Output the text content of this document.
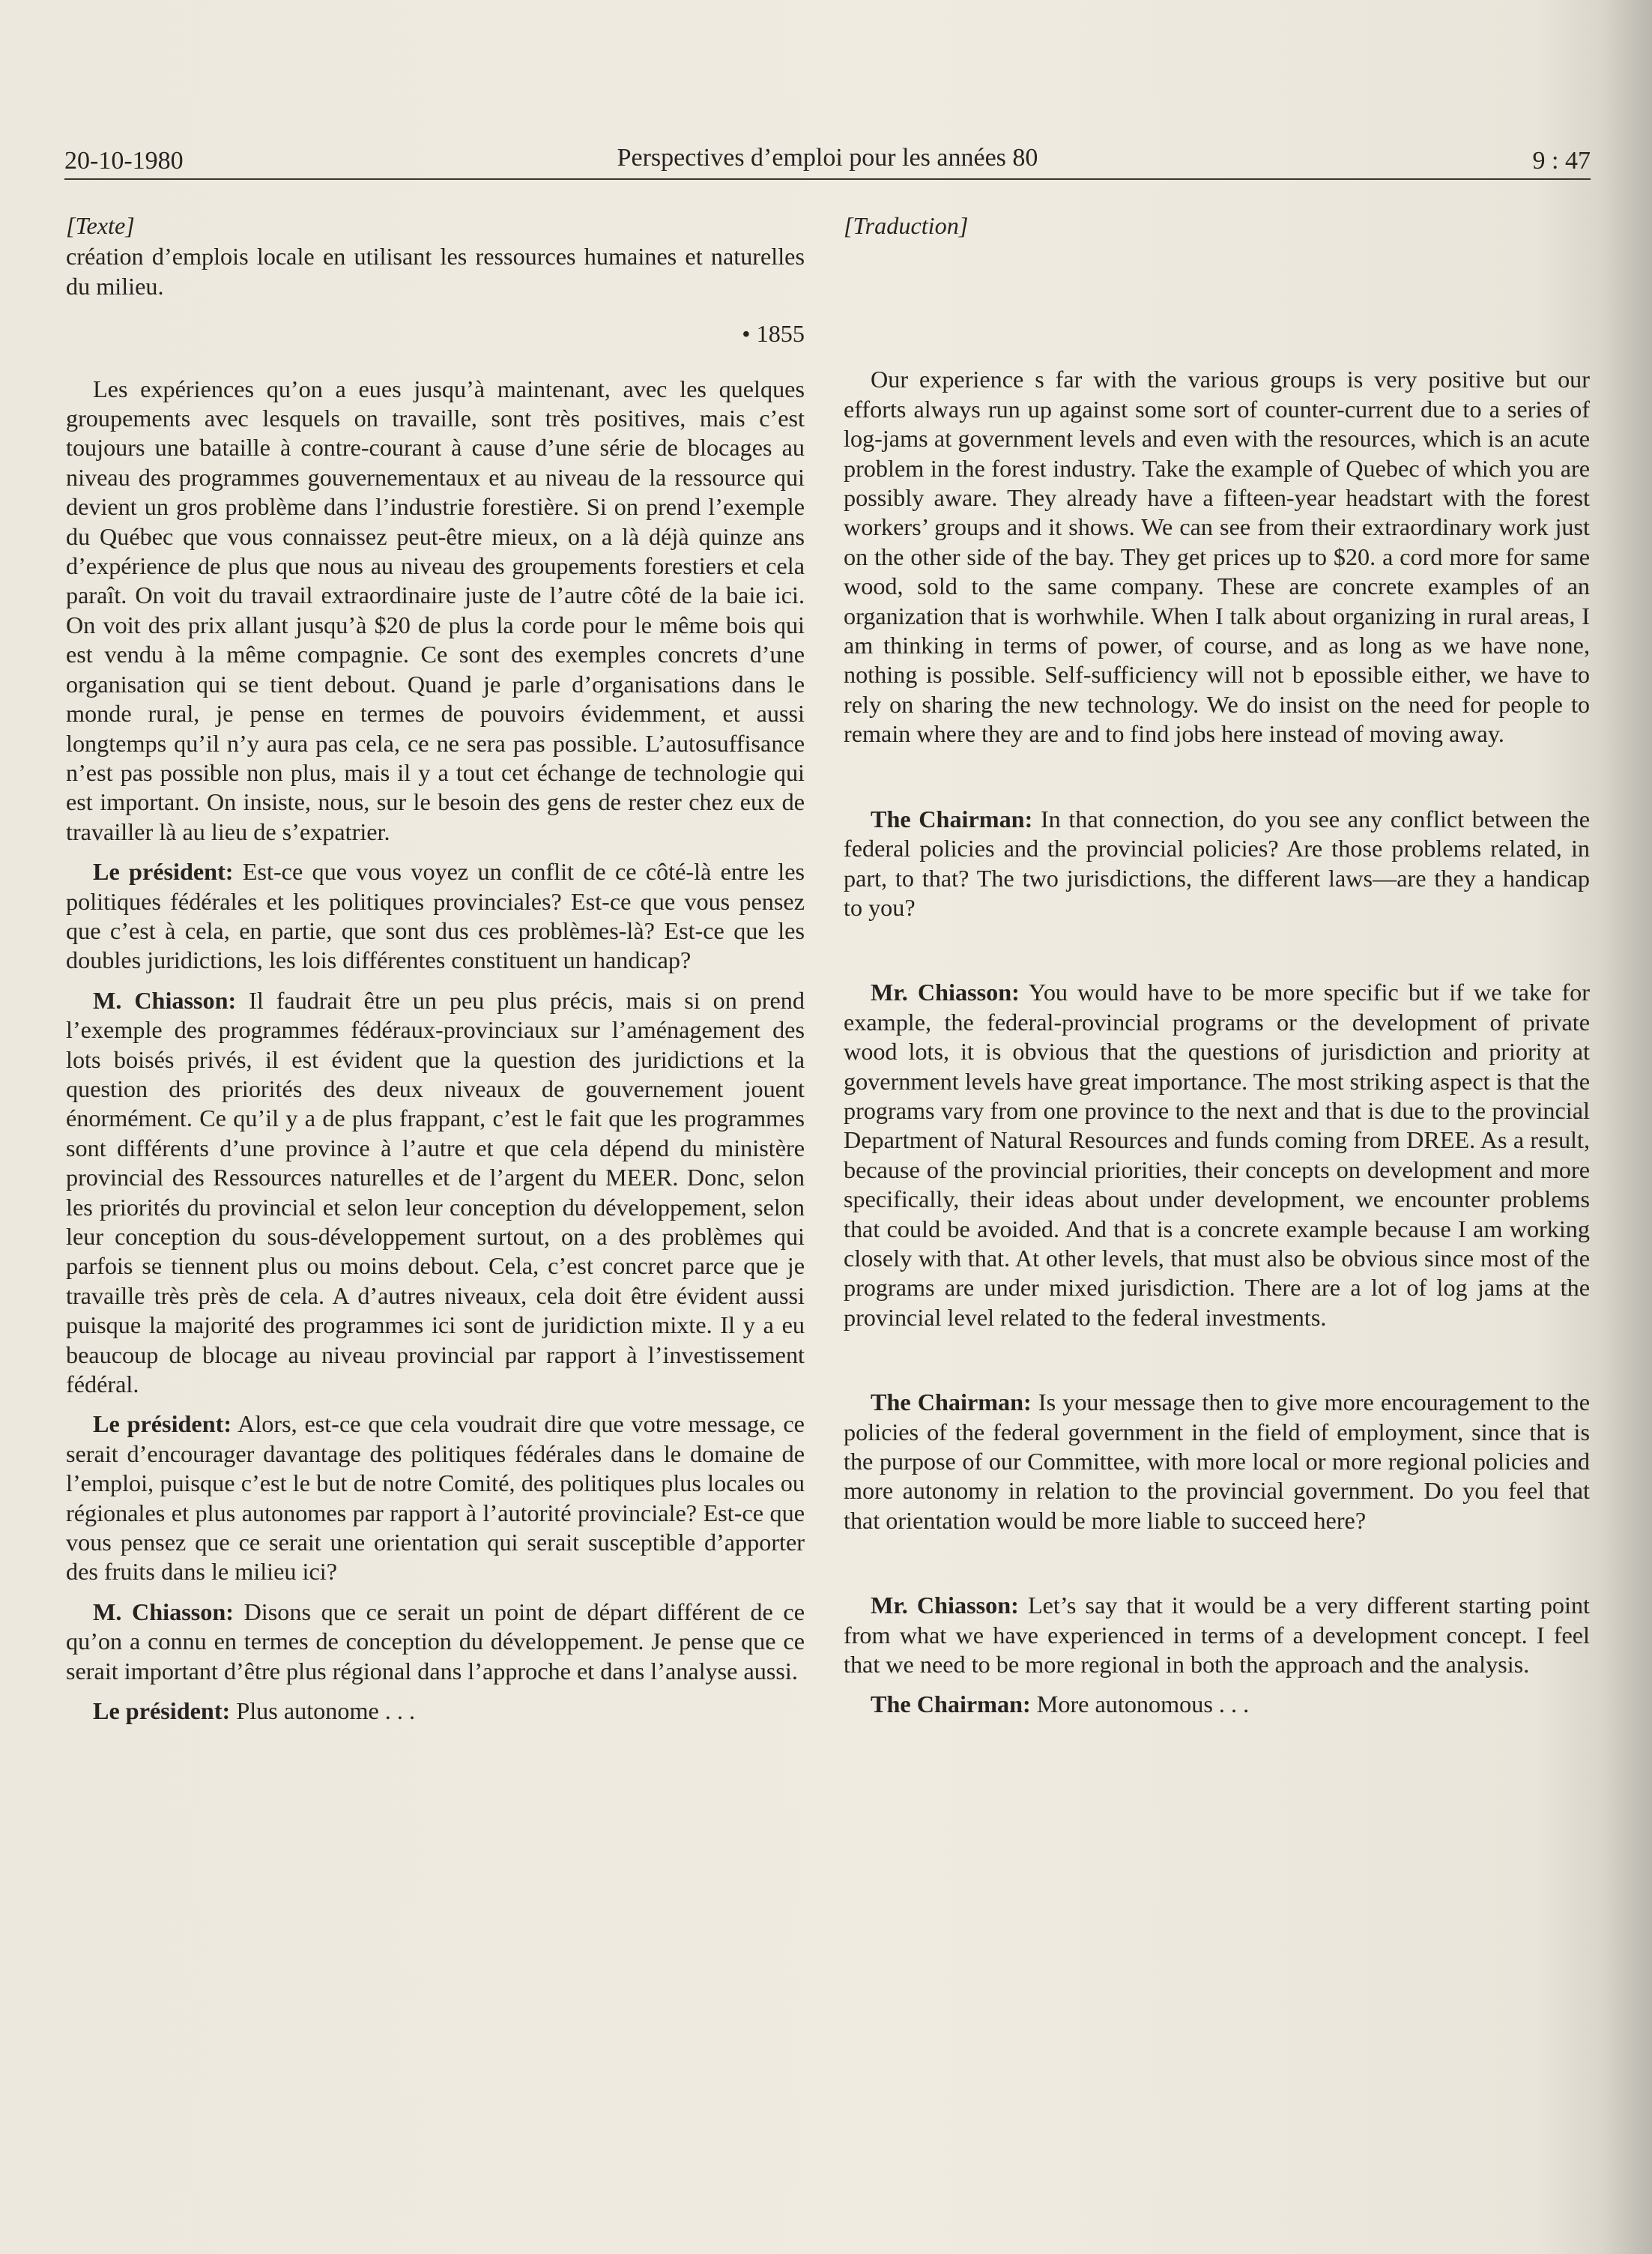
20-10-1980	Perspectives d’emploi pour les années 80	9 : 47
[Texte]

création d’emplois locale en utilisant les ressources humaines et naturelles du milieu.

• 1855

Les expériences qu’on a eues jusqu’à maintenant, avec les quelques groupements avec lesquels on travaille, sont très positives, mais c’est toujours une bataille à contre-courant à cause d’une série de blocages au niveau des programmes gouvernementaux et au niveau de la ressource qui devient un gros problème dans l’industrie forestière. Si on prend l’exemple du Québec que vous connaissez peut-être mieux, on a là déjà quinze ans d’expérience de plus que nous au niveau des groupements forestiers et cela paraît. On voit du travail extraordinaire juste de l’autre côté de la baie ici. On voit des prix allant jusqu’à $20 de plus la corde pour le même bois qui est vendu à la même compagnie. Ce sont des exemples concrets d’une organisation qui se tient debout. Quand je parle d’organisations dans le monde rural, je pense en termes de pouvoirs évidemment, et aussi longtemps qu’il n’y aura pas cela, ce ne sera pas possible. L’autosuffisance n’est pas possible non plus, mais il y a tout cet échange de technologie qui est important. On insiste, nous, sur le besoin des gens de rester chez eux de travailler là au lieu de s’expatrier.

Le président: Est-ce que vous voyez un conflit de ce côté-là entre les politiques fédérales et les politiques provinciales? Est-ce que vous pensez que c’est à cela, en partie, que sont dus ces problèmes-là? Est-ce que les doubles juridictions, les lois différentes constituent un handicap?

M. Chiasson: Il faudrait être un peu plus précis, mais si on prend l’exemple des programmes fédéraux-provinciaux sur l’aménagement des lots boisés privés, il est évident que la question des juridictions et la question des priorités des deux niveaux de gouvernement jouent énormément. Ce qu’il y a de plus frappant, c’est le fait que les programmes sont différents d’une province à l’autre et que cela dépend du ministère provincial des Ressources naturelles et de l’argent du MEER. Donc, selon les priorités du provincial et selon leur conception du développement, selon leur conception du sous-développement surtout, on a des problèmes qui parfois se tiennent plus ou moins debout. Cela, c’est concret parce que je travaille très près de cela. A d’autres niveaux, cela doit être évident aussi puisque la majorité des programmes ici sont de juridiction mixte. Il y a eu beaucoup de blocage au niveau provincial par rapport à l’investissement fédéral.

Le président: Alors, est-ce que cela voudrait dire que votre message, ce serait d’encourager davantage des politiques fédérales dans le domaine de l’emploi, puisque c’est le but de notre Comité, des politiques plus locales ou régionales et plus autonomes par rapport à l’autorité provinciale? Est-ce que vous pensez que ce serait une orientation qui serait susceptible d’apporter des fruits dans le milieu ici?

M. Chiasson: Disons que ce serait un point de départ différent de ce qu’on a connu en termes de conception du développement. Je pense que ce serait important d’être plus régional dans l’approche et dans l’analyse aussi.

Le président: Plus autonome . . .

[Traduction]

Our experience s far with the various groups is very positive but our efforts always run up against some sort of counter-current due to a series of log-jams at government levels and even with the resources, which is an acute problem in the forest industry. Take the example of Quebec of which you are possibly aware. They already have a fifteen-year headstart with the forest workers’ groups and it shows. We can see from their extraordinary work just on the other side of the bay. They get prices up to $20. a cord more for same wood, sold to the same company. These are concrete examples of an organization that is worhwhile. When I talk about organizing in rural areas, I am thinking in terms of power, of course, and as long as we have none, nothing is possible. Self-sufficiency will not b epossible either, we have to rely on sharing the new technology. We do insist on the need for people to remain where they are and to find jobs here instead of moving away.

The Chairman: In that connection, do you see any conflict between the federal policies and the provincial policies? Are those problems related, in part, to that? The two jurisdictions, the different laws—are they a handicap to you?

Mr. Chiasson: You would have to be more specific but if we take for example, the federal-provincial programs or the development of private wood lots, it is obvious that the questions of jurisdiction and priority at government levels have great importance. The most striking aspect is that the programs vary from one province to the next and that is due to the provincial Department of Natural Resources and funds coming from DREE. As a result, because of the provincial priorities, their concepts on development and more specifically, their ideas about under development, we encounter problems that could be avoided. And that is a concrete example because I am working closely with that. At other levels, that must also be obvious since most of the programs are under mixed jurisdiction. There are a lot of log jams at the provincial level related to the federal investments.

The Chairman: Is your message then to give more encouragement to the policies of the federal government in the field of employment, since that is the purpose of our Committee, with more local or more regional policies and more autonomy in relation to the provincial government. Do you feel that that orientation would be more liable to succeed here?

Mr. Chiasson: Let’s say that it would be a very different starting point from what we have experienced in terms of a development concept. I feel that we need to be more regional in both the approach and the analysis.

The Chairman: More autonomous . . .
